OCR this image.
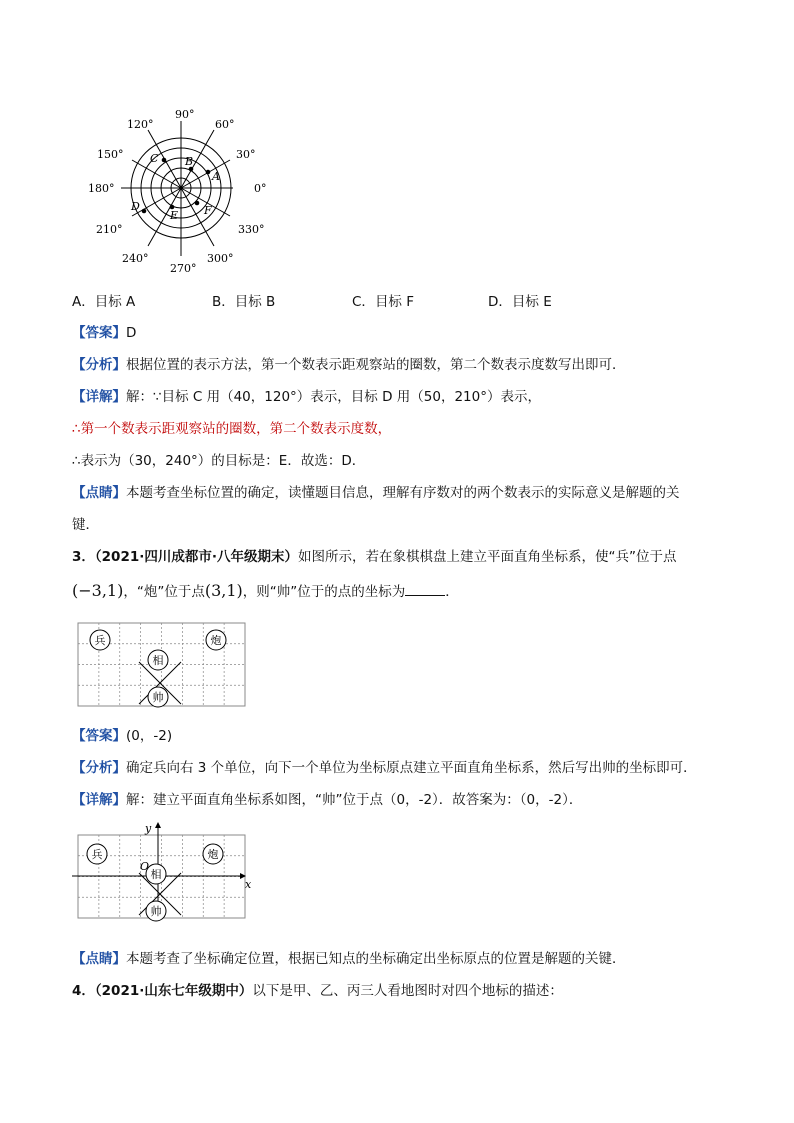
90°
120°	60°
150°	30°
180°	0°
210°	330°
240°	300°
270°
A
B
C
D
E F
A．目标 A	B．目标 B	C．目标 F	D．目标 E
【答案】D
【分析】根据位置的表示方法，第一个数表示距观察站的圈数，第二个数表示度数写出即可．
【详解】解：∵目标 C 用（40，120°）表示，目标 D 用（50，210°）表示，
∴第一个数表示距观察站的圈数，第二个数表示度数，
∴表示为（30，240°）的目标是：E．故选：D．
【点睛】本题考查坐标位置的确定，读懂题目信息，理解有序数对的两个数表示的实际意义是解题的关
键．
3．（2021·四川成都市·八年级期末）如图所示，若在象棋棋盘上建立平面直角坐标系，使“兵”位于点
(−3,1)，“炮”位于点(3,1)，则“帅”位于的点的坐标为	．
兵	炮
相
帅
【答案】(0，-2)
【分析】确定兵向右 3 个单位，向下一个单位为坐标原点建立平面直角坐标系，然后写出帅的坐标即可．
【详解】解：建立平面直角坐标系如图，“帅”位于点（0，-2）．故答案为：（0，-2）．
兵	炮
相
帅
x
y
O
【点睛】本题考查了坐标确定位置，根据已知点的坐标确定出坐标原点的位置是解题的关键．
4．（2021·山东七年级期中）以下是甲、乙、丙三人看地图时对四个地标的描述：
